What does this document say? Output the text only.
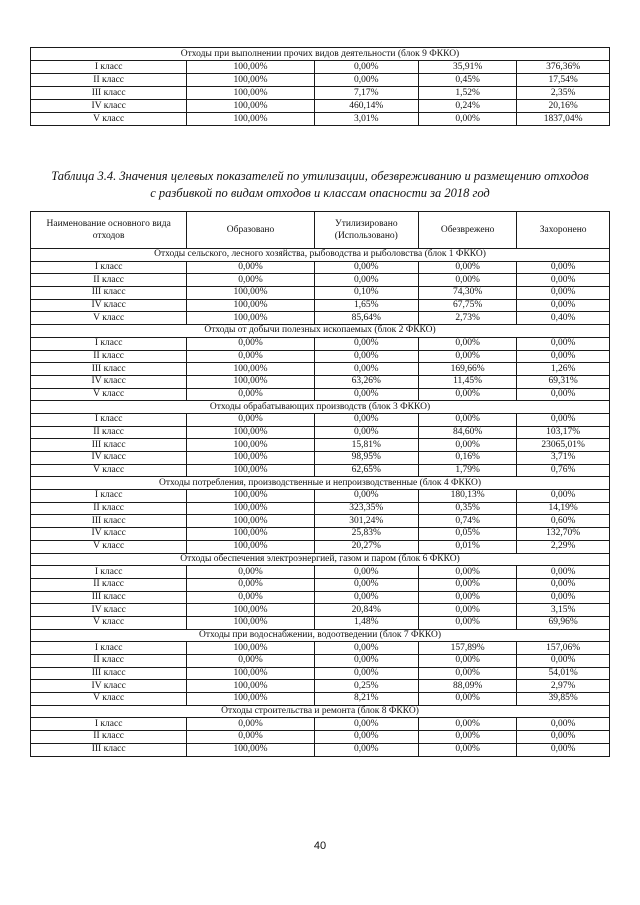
Отходы при выполнении прочих видов деятельности (блок 9 ФККО)				
I класс	100,00%	0,00%	35,91%	376,36%
II класс	100,00%	0,00%	0,45%	17,54%
III класс	100,00%	7,17%	1,52%	2,35%
IV класс	100,00%	460,14%	0,24%	20,16%
V класс	100,00%	3,01%	0,00%	1837,04%
Таблица 3.4. Значения целевых показателей по утилизации, обезвреживанию и размещению отходов
с разбивкой по видам отходов и классам опасности за 2018 год
Наименование основного вида отходов	Образовано	Утилизировано (Использовано)	Обезврежено	Захоронено
Отходы сельского, лесного хозяйства, рыбоводства и рыболовства (блок 1 ФККО)				
I класс	0,00%	0,00%	0,00%	0,00%
II класс	0,00%	0,00%	0,00%	0,00%
III класс	100,00%	0,10%	74,30%	0,00%
IV класс	100,00%	1,65%	67,75%	0,00%
V класс	100,00%	85,64%	2,73%	0,40%
Отходы от добычи полезных ископаемых (блок 2 ФККО)				
I класс	0,00%	0,00%	0,00%	0,00%
II класс	0,00%	0,00%	0,00%	0,00%
III класс	100,00%	0,00%	169,66%	1,26%
IV класс	100,00%	63,26%	11,45%	69,31%
V класс	0,00%	0,00%	0,00%	0,00%
Отходы обрабатывающих производств (блок 3 ФККО)				
I класс	0,00%	0,00%	0,00%	0,00%
II класс	100,00%	0,00%	84,60%	103,17%
III класс	100,00%	15,81%	0,00%	23065,01%
IV класс	100,00%	98,95%	0,16%	3,71%
V класс	100,00%	62,65%	1,79%	0,76%
Отходы потребления, производственные и непроизводственные (блок 4 ФККО)				
I класс	100,00%	0,00%	180,13%	0,00%
II класс	100,00%	323,35%	0,35%	14,19%
III класс	100,00%	301,24%	0,74%	0,60%
IV класс	100,00%	25,83%	0,05%	132,70%
V класс	100,00%	20,27%	0,01%	2,29%
Отходы обеспечения электроэнергией, газом и паром (блок 6 ФККО)				
I класс	0,00%	0,00%	0,00%	0,00%
II класс	0,00%	0,00%	0,00%	0,00%
III класс	0,00%	0,00%	0,00%	0,00%
IV класс	100,00%	20,84%	0,00%	3,15%
V класс	100,00%	1,48%	0,00%	69,96%
Отходы при водоснабжении, водоотведении (блок 7 ФККО)				
I класс	100,00%	0,00%	157,89%	157,06%
II класс	0,00%	0,00%	0,00%	0,00%
III класс	100,00%	0,00%	0,00%	54,01%
IV класс	100,00%	0,25%	88,09%	2,97%
V класс	100,00%	8,21%	0,00%	39,85%
Отходы строительства и ремонта (блок 8 ФККО)				
I класс	0,00%	0,00%	0,00%	0,00%
II класс	0,00%	0,00%	0,00%	0,00%
III класс	100,00%	0,00%	0,00%	0,00%
40
